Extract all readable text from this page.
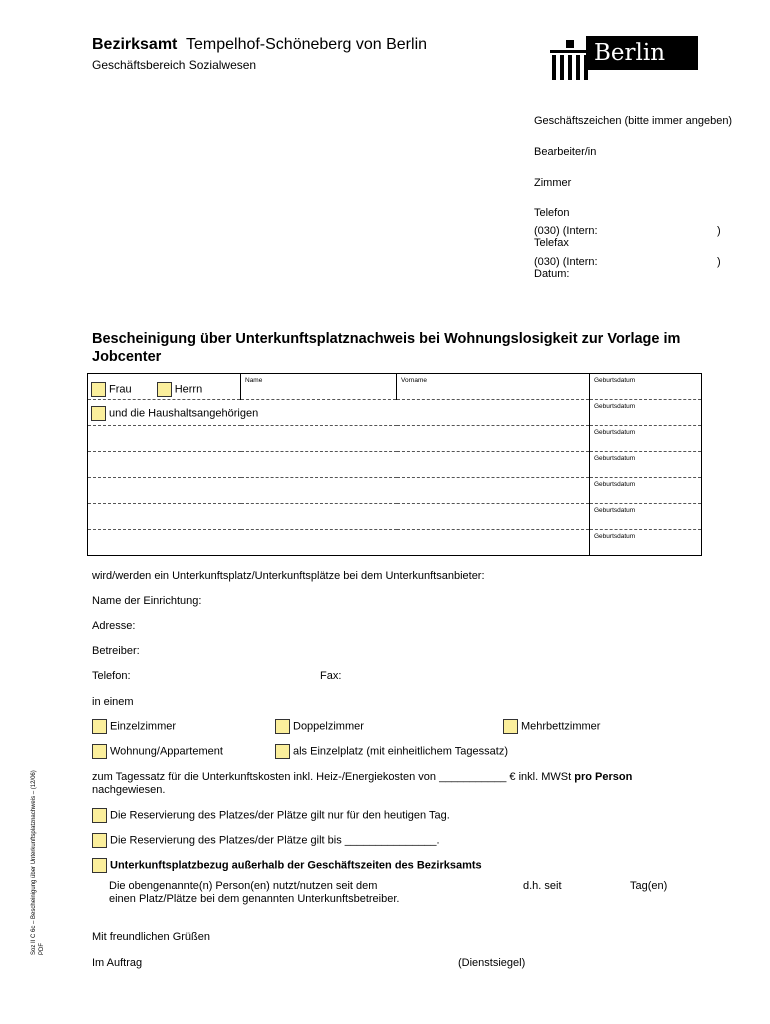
Bezirksamt Tempelhof-Schöneberg von Berlin
Geschäftsbereich Sozialwesen	Berlin
Geschäftszeichen (bitte immer angeben)
Bearbeiter/in
Zimmer
Telefon
(030) (Intern:	)
Telefax
(030) (Intern:	)
Datum:
Bescheinigung über Unterkunftsplatznachweis bei Wohnungslosigkeit zur Vorlage im Jobcenter
Frau Herrn	Name	Vorname	Geburtsdatum

und die Haushaltsangehörigen			Geburtsdatum

			Geburtsdatum

			Geburtsdatum

			Geburtsdatum

			Geburtsdatum

			Geburtsdatum
wird/werden ein Unterkunftsplatz/Unterkunftsplätze bei dem Unterkunftsanbieter:
Name der Einrichtung:
Adresse:
Betreiber:
Telefon:	Fax:
in einem
Einzelzimmer	Doppelzimmer	Mehrbettzimmer
Wohnung/Appartement	als Einzelplatz (mit einheitlichem Tagessatz)
zum Tagessatz für die Unterkunftskosten inkl. Heiz-/Energiekosten von ___________ € inkl. MWSt pro Person
nachgewiesen.
Die Reservierung des Platzes/der Plätze gilt nur für den heutigen Tag.
Die Reservierung des Platzes/der Plätze gilt bis _______________.
Unterkunftsplatzbezug außerhalb der Geschäftszeiten des Bezirksamts
Die obengenannte(n) Person(en) nutzt/nutzen seit dem	d.h. seit	Tag(en)
einen Platz/Plätze bei dem genannten Unterkunftsbetreiber.
Mit freundlichen Grüßen
Im Auftrag	(Dienstsiegel)
Soz II C 6c – Bescheinigung über Unterkunftsplatznachweis – (12/06) PDF
